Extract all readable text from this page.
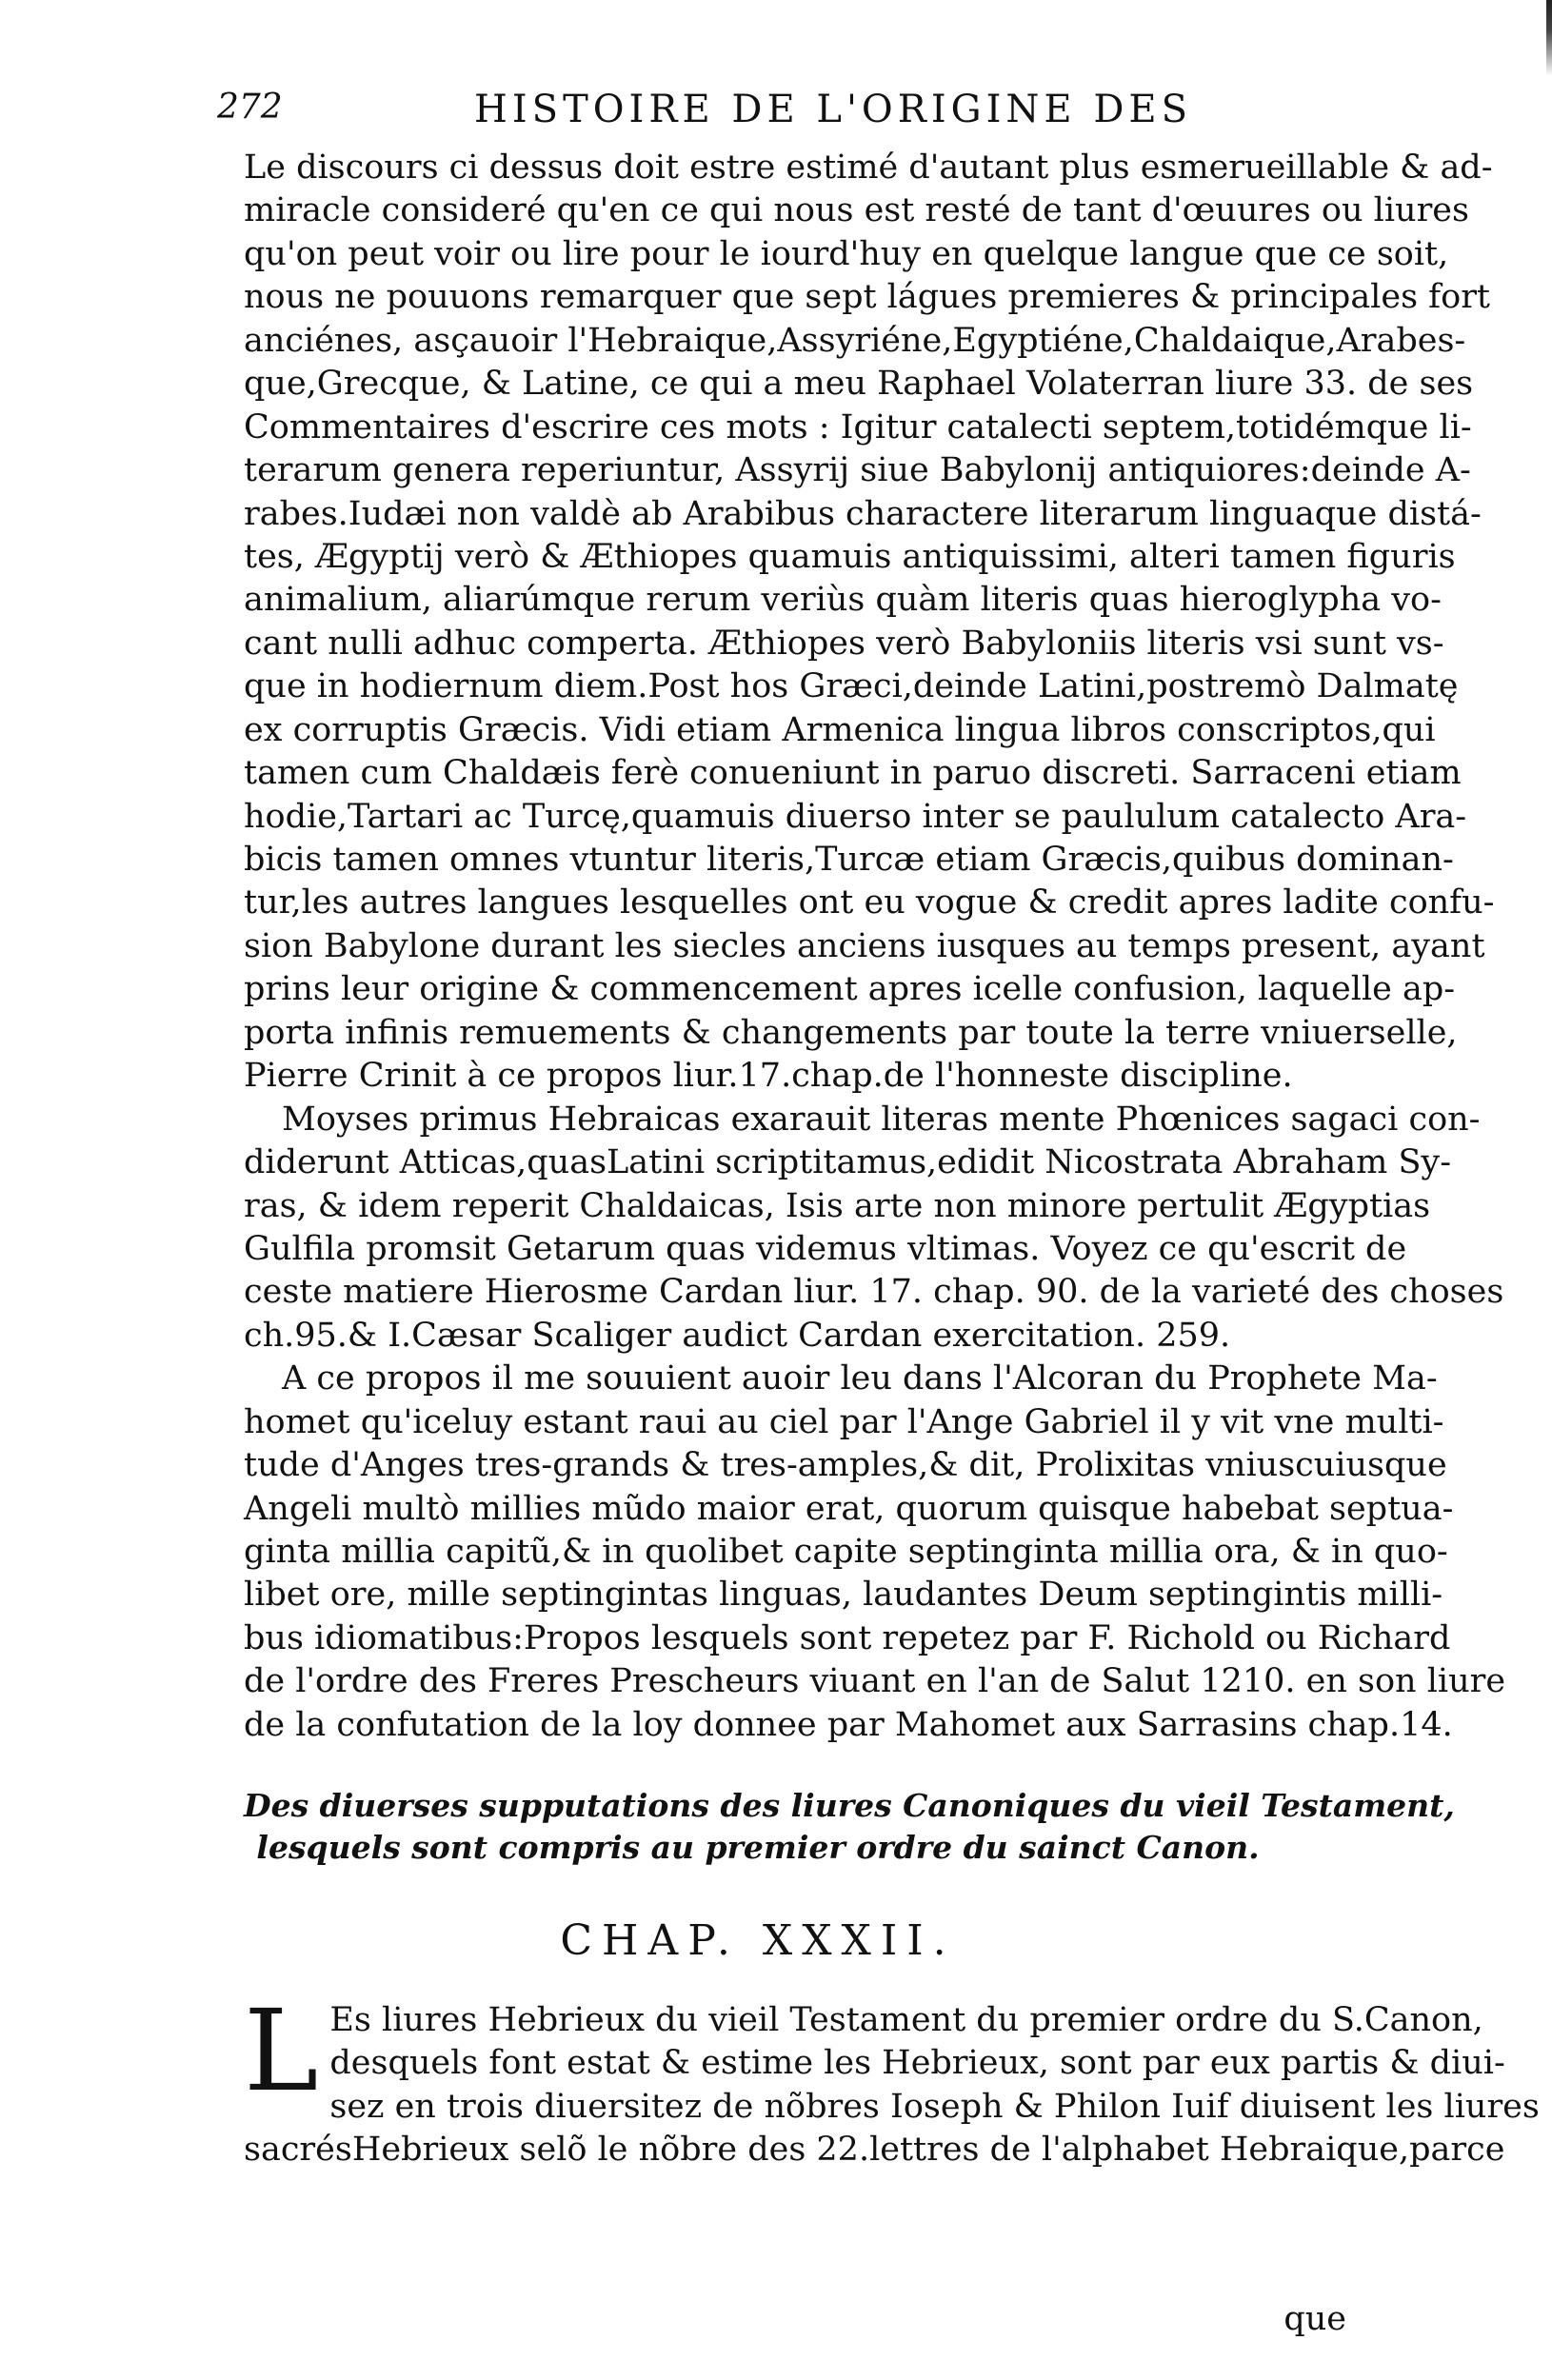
272	HISTOIRE DE L'ORIGINE DES
Le discours ci dessus doit estre estimé d'autant plus esmerueillable & ad-
miracle consideré qu'en ce qui nous est resté de tant d'œuures ou liures
qu'on peut voir ou lire pour le iourd'huy en quelque langue que ce soit,
nous ne pouuons remarquer que sept lágues premieres & principales fort
anciénes, asçauoir l'Hebraique,Assyriéne,Egyptiéne,Chaldaique,Arabes-
que,Grecque, & Latine, ce qui a meu Raphael Volaterran liure 33. de ses
Commentaires d'escrire ces mots : Igitur catalecti septem,totidémque li-
terarum genera reperiuntur, Assyrij siue Babylonij antiquiores:deinde A-
rabes.Iudæi non valdè ab Arabibus charactere literarum linguaque distá-
tes, Ægyptij verò & Æthiopes quamuis antiquissimi, alteri tamen figuris
animalium, aliarúmque rerum veriùs quàm literis quas hieroglypha vo-
cant nulli adhuc comperta. Æthiopes verò Babyloniis literis vsi sunt vs-
que in hodiernum diem.Post hos Græci,deinde Latini,postremò Dalmatę
ex corruptis Græcis. Vidi etiam Armenica lingua libros conscriptos,qui
tamen cum Chaldæis ferè conueniunt in paruo discreti. Sarraceni etiam
hodie,Tartari ac Turcę,quamuis diuerso inter se paululum catalecto Ara-
bicis tamen omnes vtuntur literis,Turcæ etiam Græcis,quibus dominan-
tur,les autres langues lesquelles ont eu vogue & credit apres ladite confu-
sion Babylone durant les siecles anciens iusques au temps present, ayant
prins leur origine & commencement apres icelle confusion, laquelle ap-
porta infinis remuements & changements par toute la terre vniuerselle,
Pierre Crinit à ce propos liur.17.chap.de l'honneste discipline.
Moyses primus Hebraicas exarauit literas mente Phœnices sagaci con-
diderunt Atticas,quasLatini scriptitamus,edidit Nicostrata Abraham Sy-
ras, & idem reperit Chaldaicas, Isis arte non minore pertulit Ægyptias
Gulfila promsit Getarum quas videmus vltimas. Voyez ce qu'escrit de
ceste matiere Hierosme Cardan liur. 17. chap. 90. de la varieté des choses
ch.95.& I.Cæsar Scaliger audict Cardan exercitation. 259.
A ce propos il me souuient auoir leu dans l'Alcoran du Prophete Ma-
homet qu'iceluy estant raui au ciel par l'Ange Gabriel il y vit vne multi-
tude d'Anges tres-grands & tres-amples,& dit, Prolixitas vniuscuiusque
Angeli multò millies mũdo maior erat, quorum quisque habebat septua-
ginta millia capitũ,& in quolibet capite septinginta millia ora, & in quo-
libet ore, mille septingintas linguas, laudantes Deum septingintis milli-
bus idiomatibus:Propos lesquels sont repetez par F. Richold ou Richard
de l'ordre des Freres Prescheurs viuant en l'an de Salut 1210. en son liure
de la confutation de la loy donnee par Mahomet aux Sarrasins chap.14.
Des diuerses supputations des liures Canoniques du vieil Testament,
lesquels sont compris au premier ordre du sainct Canon.
CHAP. XXXII.
L Es liures Hebrieux du vieil Testament du premier ordre du S.Canon,
desquels font estat & estime les Hebrieux, sont par eux partis & diui-
sez en trois diuersitez de nõbres Ioseph & Philon Iuif diuisent les liures
sacrésHebrieux selõ le nõbre des 22.lettres de l'alphabet Hebraique,parce
que
